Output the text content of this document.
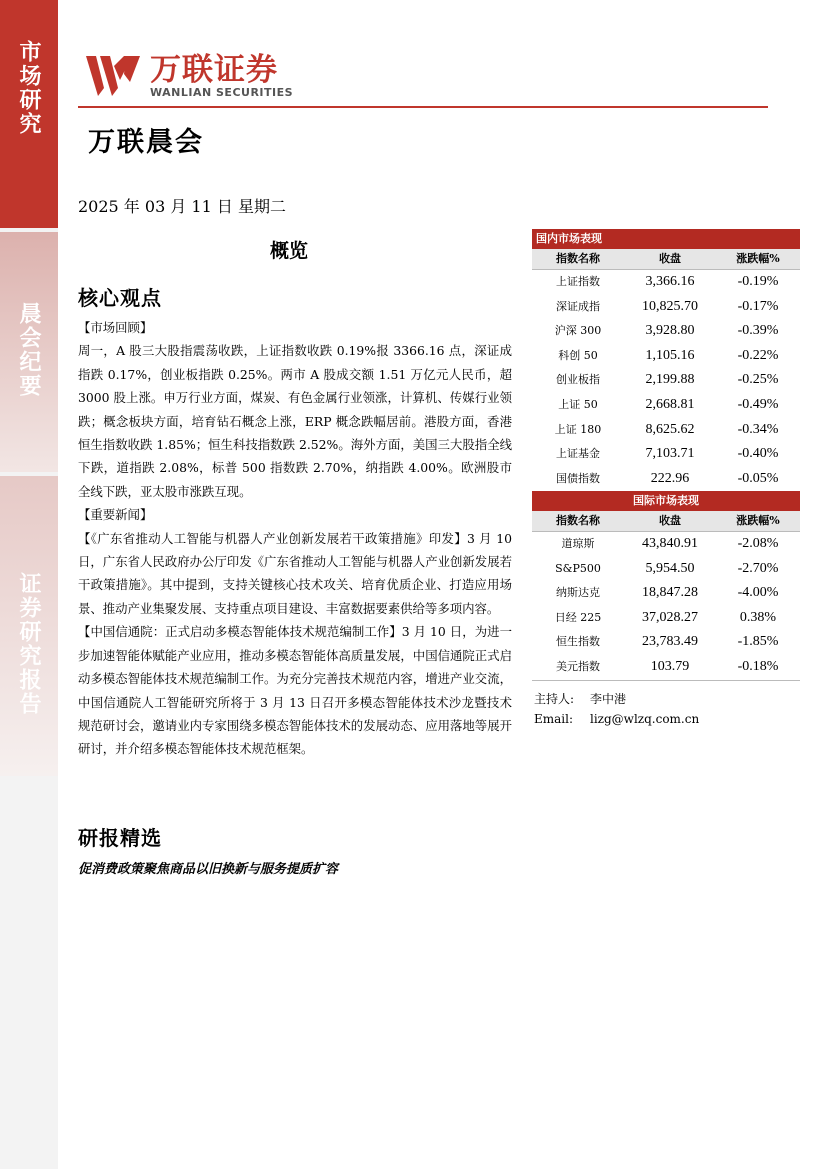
市场研究
晨会纪要
证券研究报告
万联证券
WANLIAN SECURITIES
万联晨会
2025 年 03 月 11 日 星期二
概览
核心观点

【市场回顾】

周一，A 股三大股指震荡收跌，上证指数收跌 0.19%报 3366.16 点，深证成指跌 0.17%，创业板指跌 0.25%。两市 A 股成交额 1.51 万亿元人民币，超 3000 股上涨。申万行业方面，煤炭、有色金属行业领涨，计算机、传媒行业领跌；概念板块方面，培育钻石概念上涨，ERP 概念跌幅居前。港股方面，香港恒生指数收跌 1.85%；恒生科技指数跌 2.52%。海外方面，美国三大股指全线下跌，道指跌 2.08%，标普 500 指数跌 2.70%，纳指跌 4.00%。欧洲股市全线下跌，亚太股市涨跌互现。

【重要新闻】

【《广东省推动人工智能与机器人产业创新发展若干政策措施》印发】3 月 10 日，广东省人民政府办公厅印发《广东省推动人工智能与机器人产业创新发展若干政策措施》。其中提到，支持关键核心技术攻关、培育优质企业、打造应用场景、推动产业集聚发展、支持重点项目建设、丰富数据要素供给等多项内容。

【中国信通院：正式启动多模态智能体技术规范编制工作】3 月 10 日，为进一步加速智能体赋能产业应用，推动多模态智能体高质量发展，中国信通院正式启动多模态智能体技术规范编制工作。为充分完善技术规范内容，增进产业交流，中国信通院人工智能研究所将于 3 月 13 日召开多模态智能体技术沙龙暨技术规范研讨会，邀请业内专家围绕多模态智能体技术的发展动态、应用落地等展开研讨，并介绍多模态智能体技术规范框架。

研报精选
促消费政策聚焦商品以旧换新与服务提质扩容
国内市场表现
指数名称	收盘	涨跌幅%
上证指数	3,366.16	-0.19%
深证成指	10,825.70	-0.17%
沪深 300	3,928.80	-0.39%
科创 50	1,105.16	-0.22%
创业板指	2,199.88	-0.25%
上证 50	2,668.81	-0.49%
上证 180	8,625.62	-0.34%
上证基金	7,103.71	-0.40%
国债指数	222.96	-0.05%
国际市场表现
指数名称	收盘	涨跌幅%
道琼斯	43,840.91	-2.08%
S&P500	5,954.50	-2.70%
纳斯达克	18,847.28	-4.00%
日经 225	37,028.27	0.38%
恒生指数	23,783.49	-1.85%
美元指数	103.79	-0.18%
主持人:	李中港
Email:	lizg@wlzq.com.cn
